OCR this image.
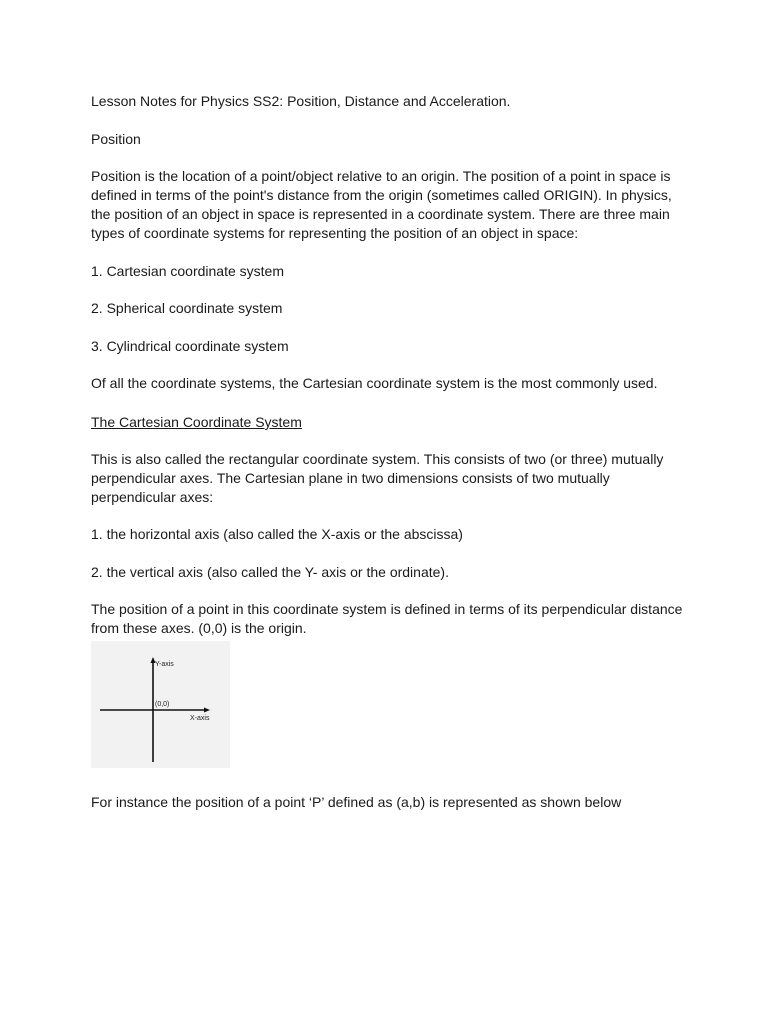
Lesson Notes for Physics SS2: Position, Distance and Acceleration.

Position

Position is the location of a point/object relative to an origin. The position of a point in space is defined in terms of the point's distance from the origin (sometimes called ORIGIN). In physics, the position of an object in space is represented in a coordinate system. There are three main types of coordinate systems for representing the position of an object in space:

1. Cartesian coordinate system

2. Spherical coordinate system

3. Cylindrical coordinate system

Of all the coordinate systems, the Cartesian coordinate system is the most commonly used.

The Cartesian Coordinate System

This is also called the rectangular coordinate system. This consists of two (or three) mutually perpendicular axes. The Cartesian plane in two dimensions consists of two mutually perpendicular axes:

1. the horizontal axis (also called the X-axis or the abscissa)

2. the vertical axis (also called the Y- axis or the ordinate).

The position of a point in this coordinate system is defined in terms of its perpendicular distance from these axes. (0,0) is the origin.

Y-axis
(0,0)
X-axis

For instance the position of a point ‘P’ defined as (a,b) is represented as shown below
